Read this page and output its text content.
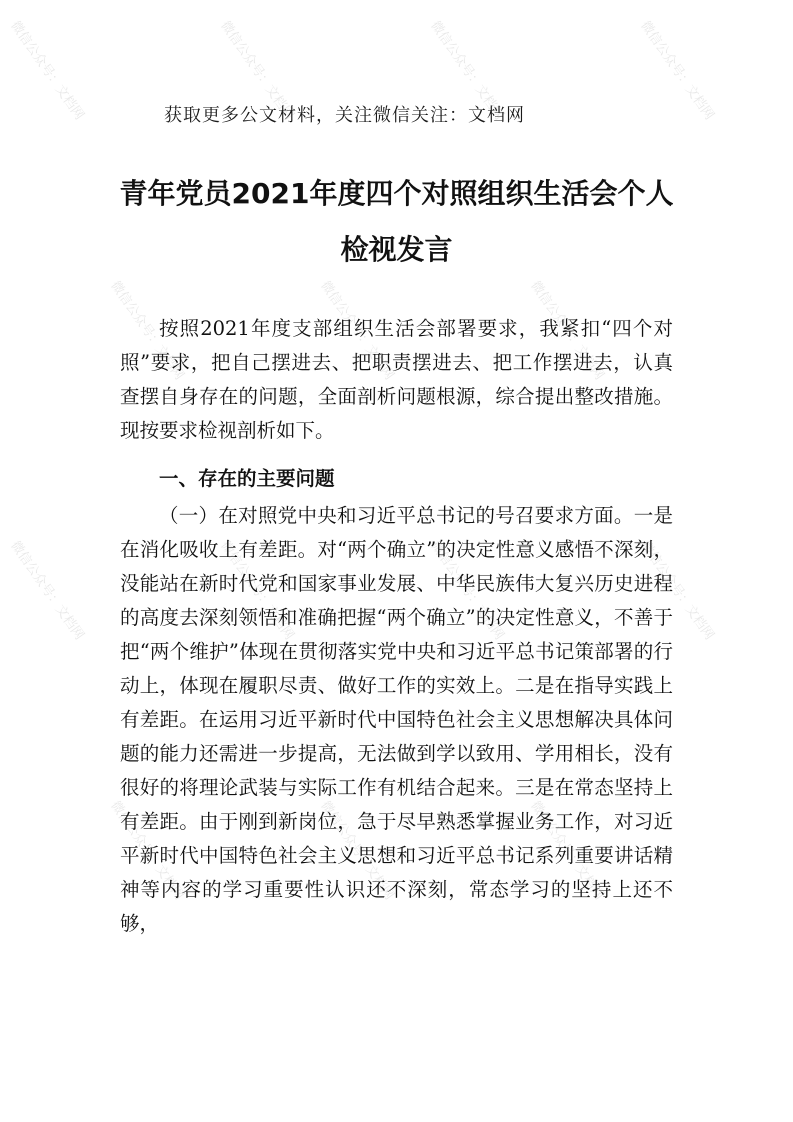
微信公众号：文档网	微信公众号：文档网	微信公众号：文档网	微信公众号：文档网
微信公众号：文档网	微信公众号：文档网	微信公众号：文档网
微信公众号：文档网	微信公众号：文档网	微信公众号：文档网	微信公众号：文档网
微信公众号：文档网	微信公众号：文档网	微信公众号：文档网
获取更多公文材料，关注微信关注：文档网
青年党员2021年度四个对照组织生活会个人检视发言

按照2021年度支部组织生活会部署要求，我紧扣“四个对照”要求，把自己摆进去、把职责摆进去、把工作摆进去，认真查摆自身存在的问题，全面剖析问题根源，综合提出整改措施。现按要求检视剖析如下。

一、存在的主要问题

（一）在对照党中央和习近平总书记的号召要求方面。一是在消化吸收上有差距。对“两个确立”的决定性意义感悟不深刻，没能站在新时代党和国家事业发展、中华民族伟大复兴历史进程的高度去深刻领悟和准确把握“两个确立”的决定性意义，不善于把“两个维护”体现在贯彻落实党中央和习近平总书记策部署的行动上，体现在履职尽责、做好工作的实效上。二是在指导实践上有差距。在运用习近平新时代中国特色社会主义思想解决具体问题的能力还需进一步提高，无法做到学以致用、学用相长，没有很好的将理论武装与实际工作有机结合起来。三是在常态坚持上有差距。由于刚到新岗位，急于尽早熟悉掌握业务工作，对习近平新时代中国特色社会主义思想和习近平总书记系列重要讲话精神等内容的学习重要性认识还不深刻，常态学习的坚持上还不够，
